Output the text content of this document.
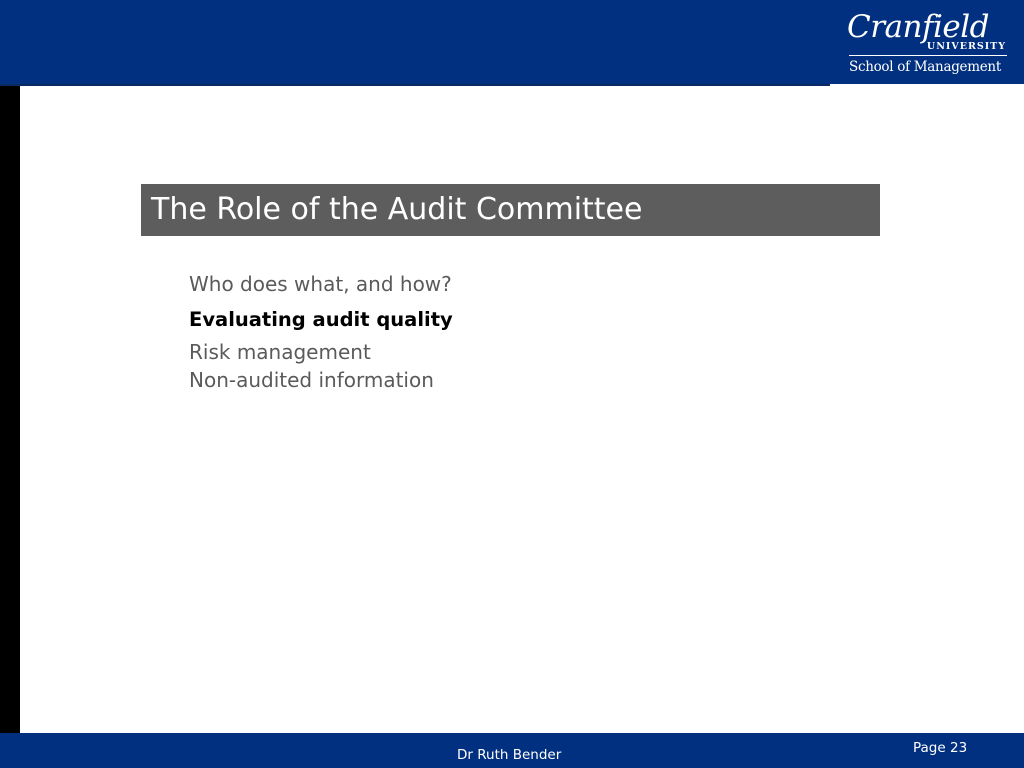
Cranfield
UNIVERSITY
School of Management
The Role of the Audit Committee
Who does what, and how?
Evaluating audit quality
Risk management
Non-audited information
Dr Ruth Bender	Page 23
